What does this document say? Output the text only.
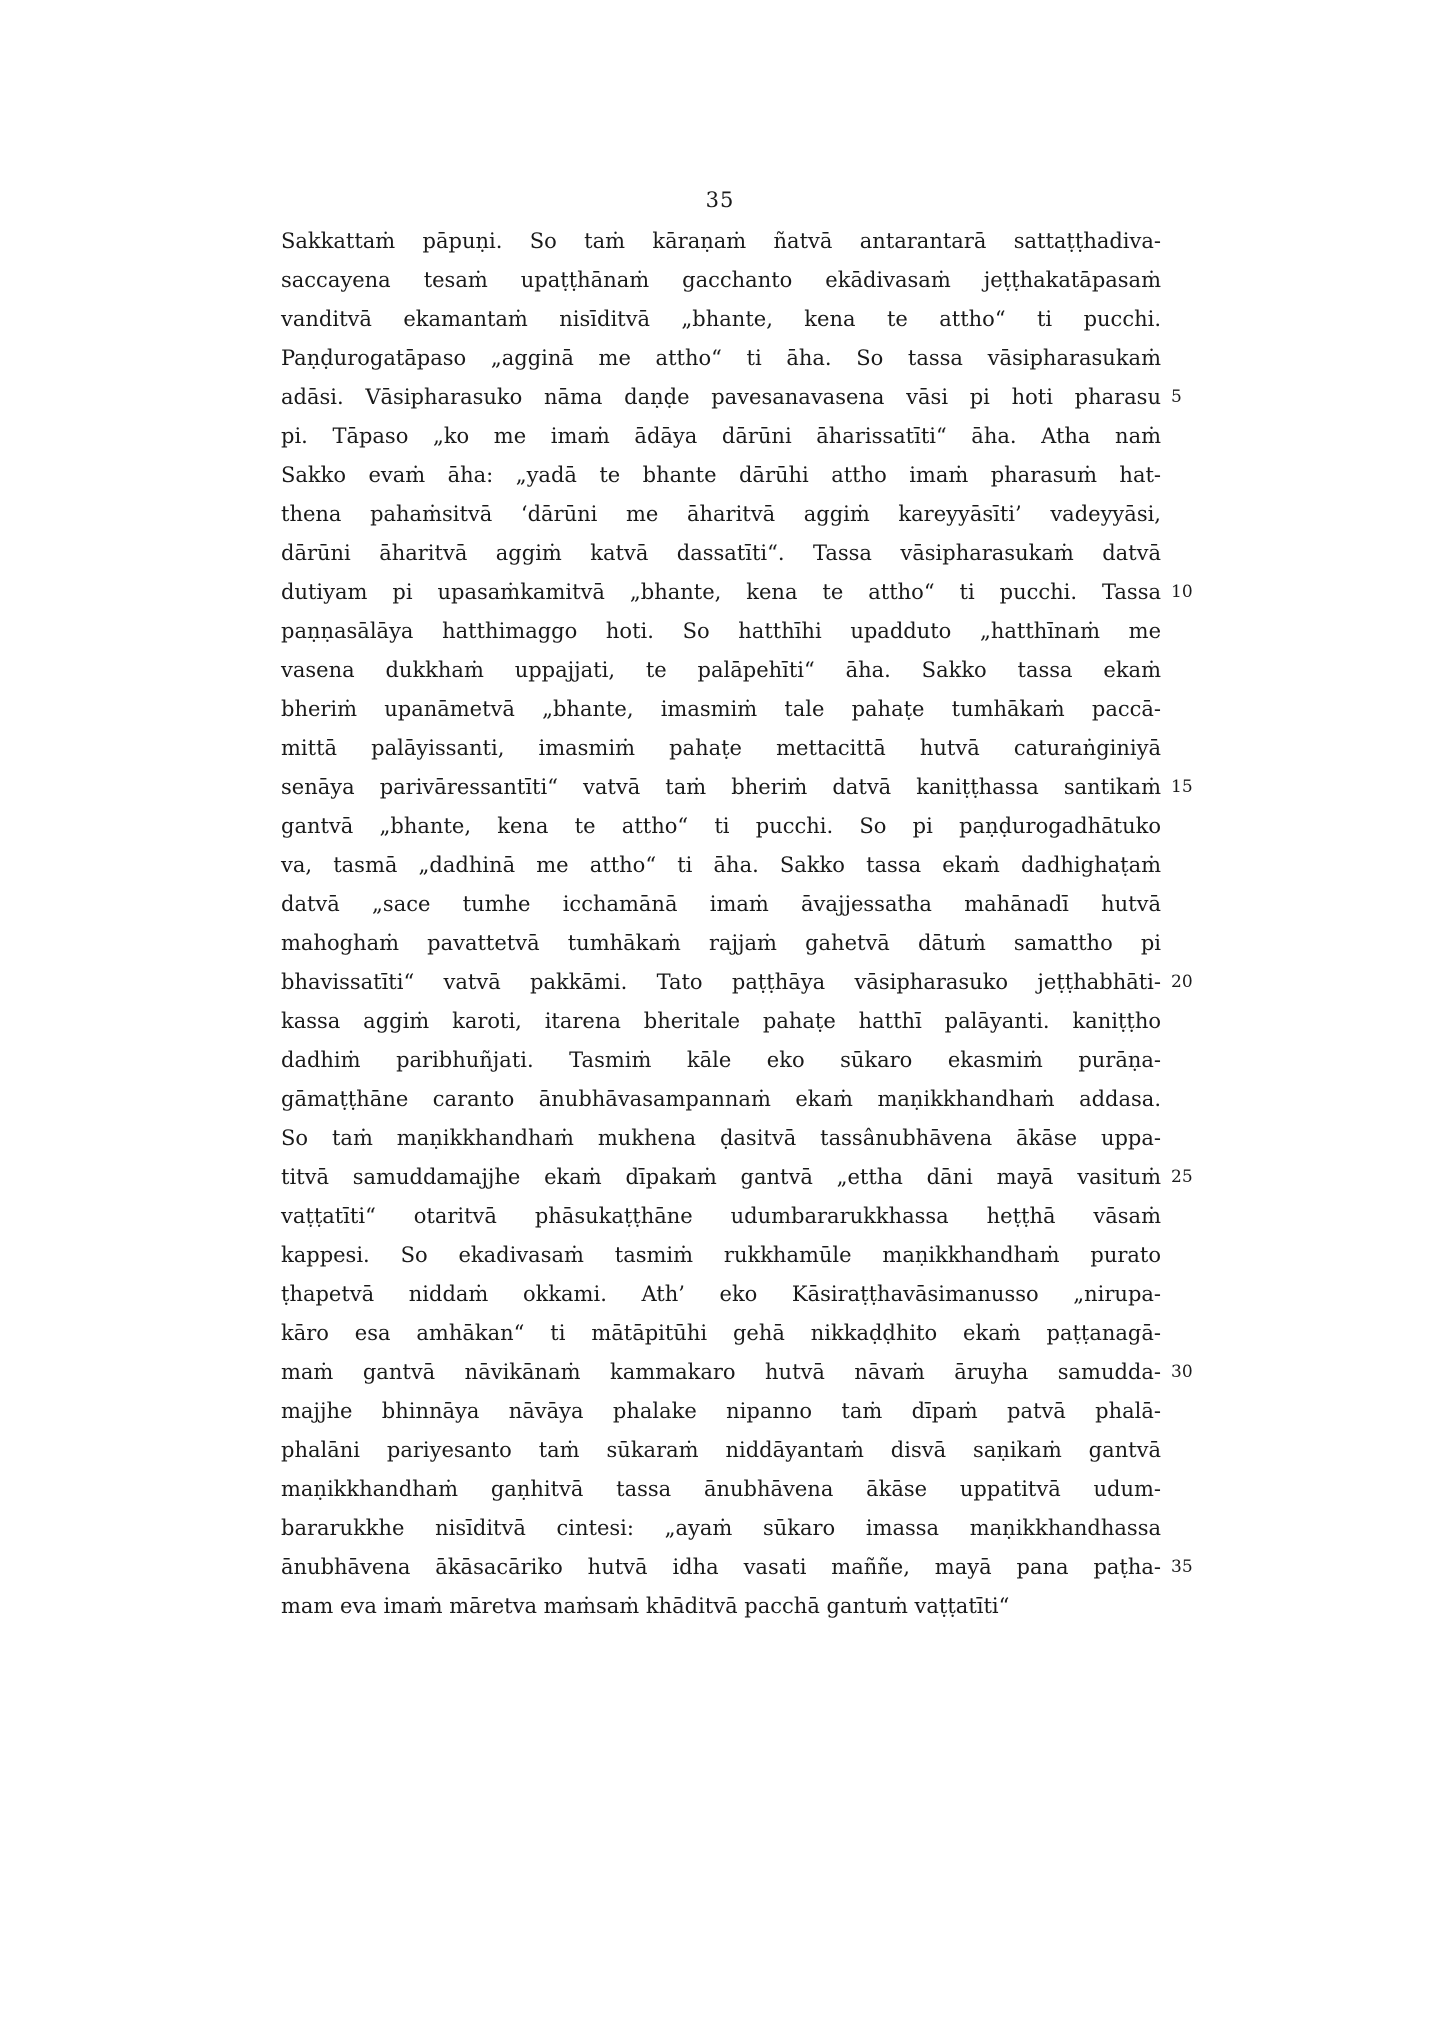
35
Sakkattaṁ pāpuṇi. So taṁ kāraṇaṁ ñatvā antarantarā sattaṭṭhadiva-
saccayena tesaṁ upaṭṭhānaṁ gacchanto ekādivasaṁ jeṭṭhakatāpasaṁ
vanditvā ekamantaṁ nisīditvā „bhante, kena te attho“ ti pucchi.
Paṇḍurogatāpaso „agginā me attho“ ti āha. So tassa vāsipharasukaṁ
adāsi. Vāsipharasuko nāma daṇḍe pavesanavasena vāsi pi hoti pharasu 5
pi. Tāpaso „ko me imaṁ ādāya dārūni āharissatīti“ āha. Atha naṁ
Sakko evaṁ āha: „yadā te bhante dārūhi attho imaṁ pharasuṁ hat-
thena pahaṁsitvā ‘dārūni me āharitvā aggiṁ kareyyāsīti’ vadeyyāsi,
dārūni āharitvā aggiṁ katvā dassatīti“. Tassa vāsipharasukaṁ datvā
dutiyam pi upasaṁkamitvā „bhante, kena te attho“ ti pucchi. Tassa 10
paṇṇasālāya hatthimaggo hoti. So hatthīhi upadduto „hatthīnaṁ me
vasena dukkhaṁ uppajjati, te palāpehīti“ āha. Sakko tassa ekaṁ
bheriṁ upanāmetvā „bhante, imasmiṁ tale pahaṭe tumhākaṁ paccā-
mittā palāyissanti, imasmiṁ pahaṭe mettacittā hutvā caturaṅginiyā
senāya parivāressantīti“ vatvā taṁ bheriṁ datvā kaniṭṭhassa santikaṁ 15
gantvā „bhante, kena te attho“ ti pucchi. So pi paṇḍurogadhātuko
va, tasmā „dadhinā me attho“ ti āha. Sakko tassa ekaṁ dadhighaṭaṁ
datvā „sace tumhe icchamānā imaṁ āvajjessatha mahānadī hutvā
mahoghaṁ pavattetvā tumhākaṁ rajjaṁ gahetvā dātuṁ samattho pi
bhavissatīti“ vatvā pakkāmi. Tato paṭṭhāya vāsipharasuko jeṭṭhabhāti- 20
kassa aggiṁ karoti, itarena bheritale pahaṭe hatthī palāyanti. kaniṭṭho
dadhiṁ paribhuñjati. Tasmiṁ kāle eko sūkaro ekasmiṁ purāṇa-
gāmaṭṭhāne caranto ānubhāvasampannaṁ ekaṁ maṇikkhandhaṁ addasa.
So taṁ maṇikkhandhaṁ mukhena ḍasitvā tassânubhāvena ākāse uppa-
titvā samuddamajjhe ekaṁ dīpakaṁ gantvā „ettha dāni mayā vasituṁ 25
vaṭṭatīti“ otaritvā phāsukaṭṭhāne udumbararukkhassa heṭṭhā vāsaṁ
kappesi. So ekadivasaṁ tasmiṁ rukkhamūle maṇikkhandhaṁ purato
ṭhapetvā niddaṁ okkami. Ath’ eko Kāsiraṭṭhavāsimanusso „nirupa-
kāro esa amhākan“ ti mātāpitūhi gehā nikkaḍḍhito ekaṁ paṭṭanagā-
maṁ gantvā nāvikānaṁ kammakaro hutvā nāvaṁ āruyha samudda- 30
majjhe bhinnāya nāvāya phalake nipanno taṁ dīpaṁ patvā phalā-
phalāni pariyesanto taṁ sūkaraṁ niddāyantaṁ disvā saṇikaṁ gantvā
maṇikkhandhaṁ gaṇhitvā tassa ānubhāvena ākāse uppatitvā udum-
bararukkhe nisīditvā cintesi: „ayaṁ sūkaro imassa maṇikkhandhassa
ānubhāvena ākāsacāriko hutvā idha vasati maññe, mayā pana paṭha- 35
mam eva imaṁ māretva maṁsaṁ khāditvā pacchā gantuṁ vaṭṭatīti“
